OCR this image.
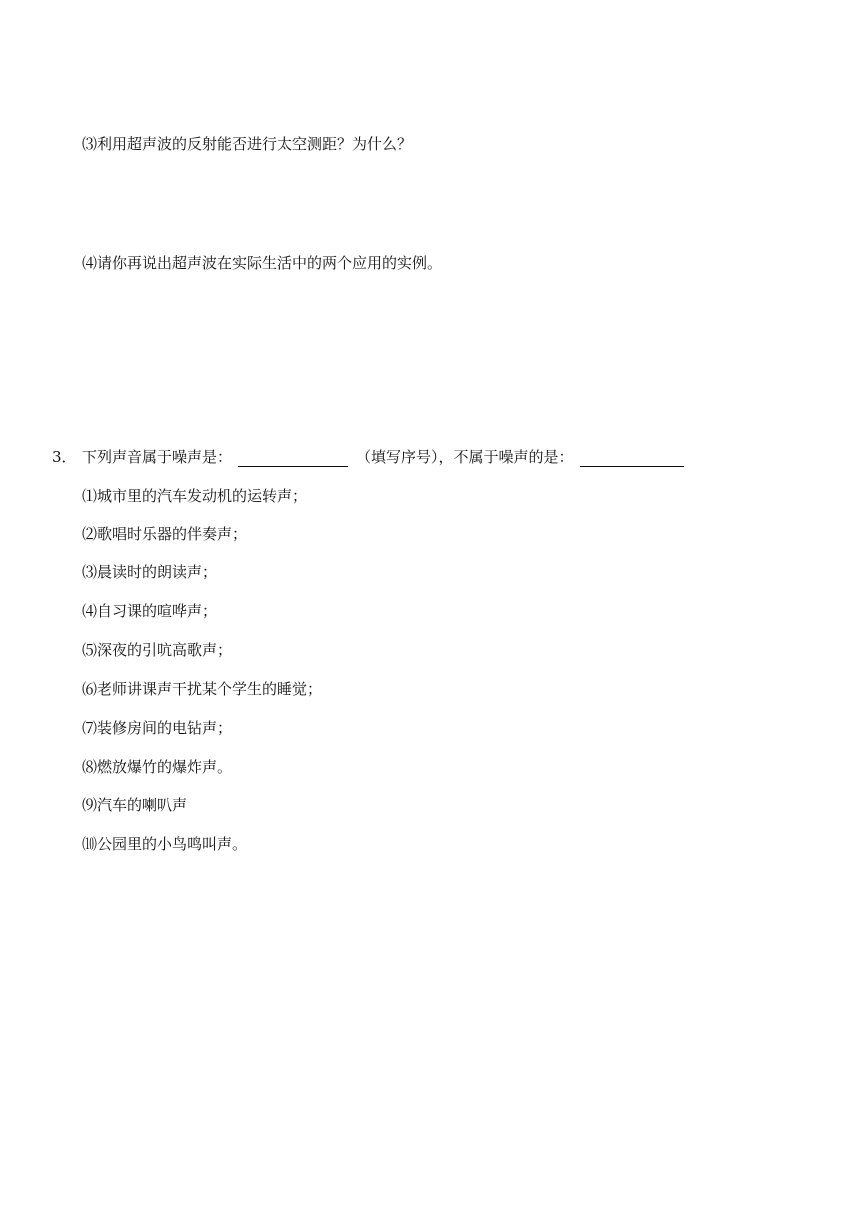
⑶利用超声波的反射能否进行太空测距？为什么？
⑷请你再说出超声波在实际生活中的两个应用的实例。
3． 下列声音属于噪声是：	（填写序号），不属于噪声的是：
⑴城市里的汽车发动机的运转声；
⑵歌唱时乐器的伴奏声；
⑶晨读时的朗读声；
⑷自习课的喧哗声；
⑸深夜的引吭高歌声；
⑹老师讲课声干扰某个学生的睡觉；
⑺装修房间的电钻声；
⑻燃放爆竹的爆炸声。
⑼汽车的喇叭声
⑽公园里的小鸟鸣叫声。
